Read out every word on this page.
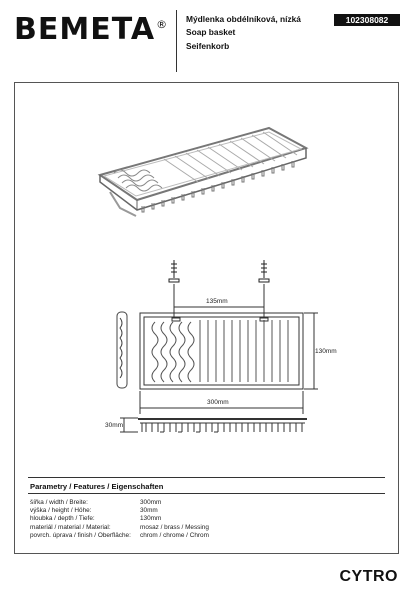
BEMETA® Mýdlenka obdélníková, nízká
Soap basket
Seifenkorb
102308082
135mm
130mm
300mm
30mm
Parametry / Features / Eigenschaften
šířka / width / Breite:	300mm
výška / height / Höhe:	30mm
hloubka / depth / Tiefe:	130mm
materiál / material / Material:	mosaz / brass / Messing
povrch. úprava / finish / Oberfläche:	chrom / chrome / Chrom
CYTRO
